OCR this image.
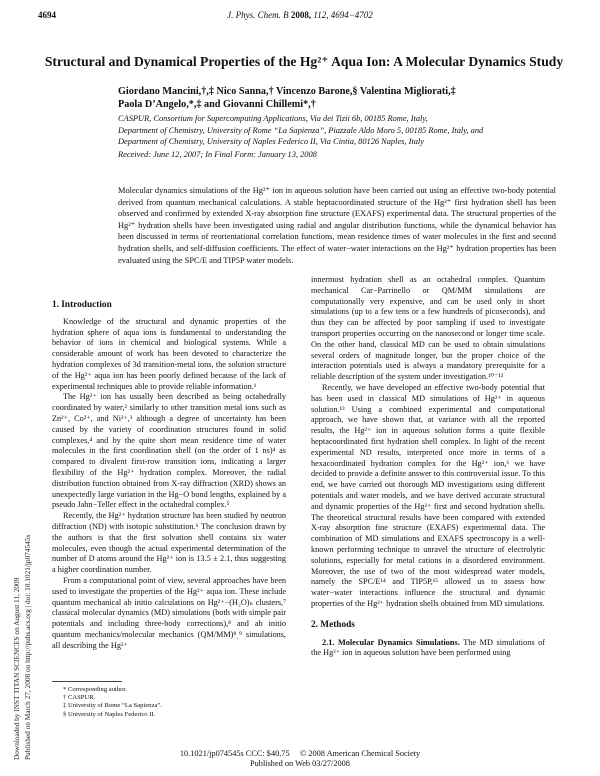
4694	J. Phys. Chem. B 2008, 112, 4694−4702
Structural and Dynamical Properties of the Hg²⁺ Aqua Ion: A Molecular Dynamics Study
Giordano Mancini,†,‡ Nico Sanna,† Vincenzo Barone,§ Valentina Migliorati,‡
Paola D’Angelo,*,‡ and Giovanni Chillemi*,†
CASPUR, Consortium for Supercomputing Applications, Via dei Tizii 6b, 00185 Rome, Italy,
Department of Chemistry, University of Rome “La Sapienza”, Piazzale Aldo Moro 5, 00185 Rome, Italy, and
Department of Chemistry, University of Naples Federico II, Via Cintia, 80126 Naples, Italy
Received: June 12, 2007; In Final Form: January 13, 2008
Molecular dynamics simulations of the Hg²⁺ ion in aqueous solution have been carried out using an effective two-body potential derived from quantum mechanical calculations. A stable heptacoordinated structure of the Hg²⁺ first hydration shell has been observed and confirmed by extended X-ray absorption fine structure (EXAFS) experimental data. The structural properties of the Hg²⁺ hydration shells have been investigated using radial and angular distribution functions, while the dynamical behavior has been discussed in terms of reorientational correlation functions, mean residence times of water molecules in the first and second hydration shells, and self-diffusion coefficients. The effect of water−water interactions on the Hg²⁺ hydration properties has been evaluated using the SPC/E and TIP5P water models.
Downloaded by INST TITAN SCIENCES on August 11, 2009 Published on March 27, 2008 on http://pubs.acs.org | doi: 10.1021/jp074545s
1. Introduction

Knowledge of the structural and dynamic properties of the hydration sphere of aqua ions is fundamental to understanding the behavior of ions in chemical and biological systems. While a considerable amount of work has been devoted to characterize the hydration complexes of 3d transition-metal ions, the solution structure of the Hg²⁺ aqua ion has been poorly defined because of the lack of experimental techniques able to provide reliable information.¹

The Hg²⁺ ion has usually been described as being octahedrally coordinated by water,² similarly to other transition metal ions such as Zn²⁺, Co²⁺, and Ni²⁺,³ although a degree of uncertainty has been caused by the variety of coordination structures found in solid complexes,⁴ and by the quite short mean residence time of water molecules in the first coordination shell (on the order of 1 ns)⁴ as compared to divalent first-row transition ions, indicating a larger flexibility of the Hg²⁺ hydration complex. Moreover, the radial distribution function obtained from X-ray diffraction (XRD) shows an unexpectedly large variation in the Hg−O bond lengths, explained by a pseudo Jahn−Teller effect in the octahedral complex.⁵

Recently, the Hg²⁺ hydration structure has been studied by neutron diffraction (ND) with isotopic substitution.⁶ The conclusion drawn by the authors is that the first solvation shell contains six water molecules, even though the actual experimental determination of the number of D atoms around the Hg²⁺ ion is 13.5 ± 2.1, thus suggesting a higher coordination number.

From a computational point of view, several approaches have been used to investigate the properties of the Hg²⁺ aqua ion. These include quantum mechanical ab initio calculations on Hg²⁺−(H₂O)ₙ clusters,⁷ classical molecular dynamics (MD) simulations (both with simple pair potentials and including three-body corrections),⁸ and ab initio quantum mechanics/molecular mechanics (QM/MM)⁸ˌ⁹ simulations, all describing the Hg²⁺

innermost hydration shell as an octahedral complex. Quantum mechanical Car−Parrinello or QM/MM simulations are computationally very expensive, and can be used only in short simulations (up to a few tens or a few hundreds of picoseconds), and thus they can be affected by poor sampling if used to investigate transport properties occurring on the nanosecond or longer time scale. On the other hand, classical MD can be used to obtain simulations several orders of magnitude longer, but the proper choice of the interaction potentials used is always a mandatory prerequisite for a reliable description of the system under investigation.¹⁰⁻¹²

Recently, we have developed an effective two-body potential that has been used in classical MD simulations of Hg²⁺ in aqueous solution.¹³ Using a combined experimental and computational approach, we have shown that, at variance with all the reported results, the Hg²⁺ ion in aqueous solution forms a quite flexible heptacoordinated first hydration shell complex. In light of the recent experimental ND results, interpreted once more in terms of a hexacoordinated hydration complex for the Hg²⁺ ion,⁶ we have decided to provide a definite answer to this controversial issue. To this end, we have carried out thorough MD investigations using different potentials and water models, and we have derived accurate structural and dynamic properties of the Hg²⁺ first and second hydration shells. The theoretical structural results have been compared with extended X-ray absorption fine structure (EXAFS) experimental data. The combination of MD simulations and EXAFS spectroscopy is a well-known performing technique to unravel the structure of electrolytic solutions, especially for metal cations in a disordered environment. Moreover, the use of two of the most widespread water models, namely the SPC/E¹⁴ and TIP5P,¹⁵ allowed us to assess how water−water interactions influence the structural and dynamic properties of the Hg²⁺ hydration shells obtained from MD simulations.

2. Methods

2.1. Molecular Dynamics Simulations. The MD simulations of the Hg²⁺ ion in aqueous solution have been performed using

* Corresponding author.
† CASPUR.
‡ University of Rome “La Sapienza”.
§ University of Naples Federico II.
10.1021/jp074545s CCC: $40.75     © 2008 American Chemical Society
Published on Web 03/27/2008
